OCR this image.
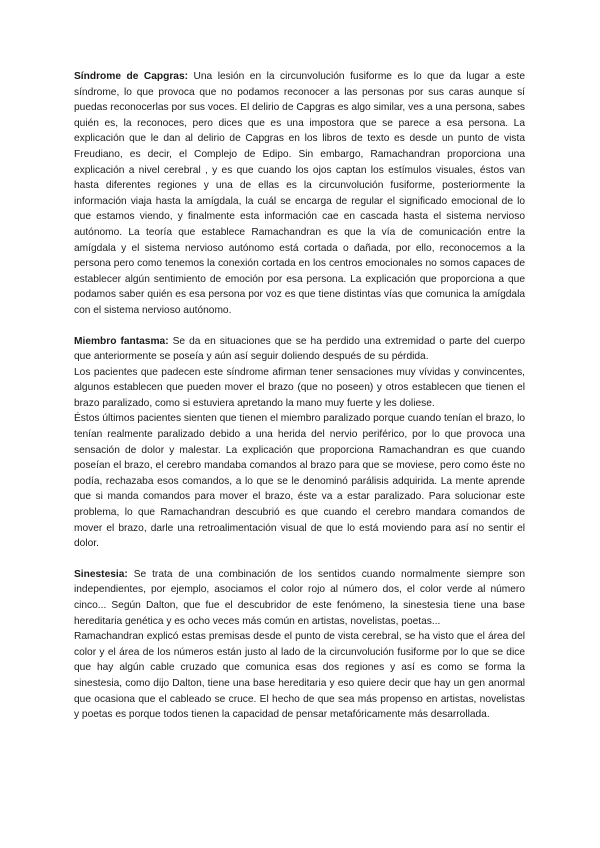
Síndrome de Capgras: Una lesión en la circunvolución fusiforme es lo que da lugar a este síndrome, lo que provoca que no podamos reconocer a las personas por sus caras aunque sí puedas reconocerlas por sus voces. El delirio de Capgras es algo similar, ves a una persona, sabes quién es, la reconoces, pero dices que es una impostora que se parece a esa persona. La explicación que le dan al delirio de Capgras en los libros de texto es desde un punto de vista Freudiano, es decir, el Complejo de Edipo. Sin embargo, Ramachandran proporciona una explicación a nivel cerebral , y es que cuando los ojos captan los estímulos visuales, éstos van hasta diferentes regiones y una de ellas es la circunvolución fusiforme, posteriormente la información viaja hasta la amígdala, la cuál se encarga de regular el significado emocional de lo que estamos viendo, y finalmente esta información cae en cascada hasta el sistema nervioso autónomo. La teoría que establece Ramachandran es que la vía de comunicación entre la amígdala y el sistema nervioso autónomo está cortada o dañada, por ello, reconocemos a la persona pero como tenemos la conexión cortada en los centros emocionales no somos capaces de establecer algún sentimiento de emoción por esa persona. La explicación que proporciona a que podamos saber quién es esa persona por voz es que tiene distintas vías que comunica la amígdala con el sistema nervioso autónomo.

Miembro fantasma: Se da en situaciones que se ha perdido una extremidad o parte del cuerpo que anteriormente se poseía y aún así seguir doliendo después de su pérdida.

Los pacientes que padecen este síndrome afirman tener sensaciones muy vívidas y convincentes, algunos establecen que pueden mover el brazo (que no poseen) y otros establecen que tienen el brazo paralizado, como si estuviera apretando la mano muy fuerte y les doliese.

Éstos últimos pacientes sienten que tienen el miembro paralizado porque cuando tenían el brazo, lo tenían realmente paralizado debido a una herida del nervio periférico, por lo que provoca una sensación de dolor y malestar. La explicación que proporciona Ramachandran es que cuando poseían el brazo, el cerebro mandaba comandos al brazo para que se moviese, pero como éste no podía, rechazaba esos comandos, a lo que se le denominó parálisis adquirida. La mente aprende que si manda comandos para mover el brazo, éste va a estar paralizado. Para solucionar este problema, lo que Ramachandran descubrió es que cuando el cerebro mandara comandos de mover el brazo, darle una retroalimentación visual de que lo está moviendo para así no sentir el dolor.

Sinestesia: Se trata de una combinación de los sentidos cuando normalmente siempre son independientes, por ejemplo, asociamos el color rojo al número dos, el color verde al número cinco... Según Dalton, que fue el descubridor de este fenómeno, la sinestesia tiene una base hereditaria genética y es ocho veces más común en artistas, novelistas, poetas...

Ramachandran explicó estas premisas desde el punto de vista cerebral, se ha visto que el área del color y el área de los números están justo al lado de la circunvolución fusiforme por lo que se dice que hay algún cable cruzado que comunica esas dos regiones y así es como se forma la sinestesia, como dijo Dalton, tiene una base hereditaria y eso quiere decir que hay un gen anormal que ocasiona que el cableado se cruce. El hecho de que sea más propenso en artistas, novelistas y poetas es porque todos tienen la capacidad de pensar metafóricamente más desarrollada.
